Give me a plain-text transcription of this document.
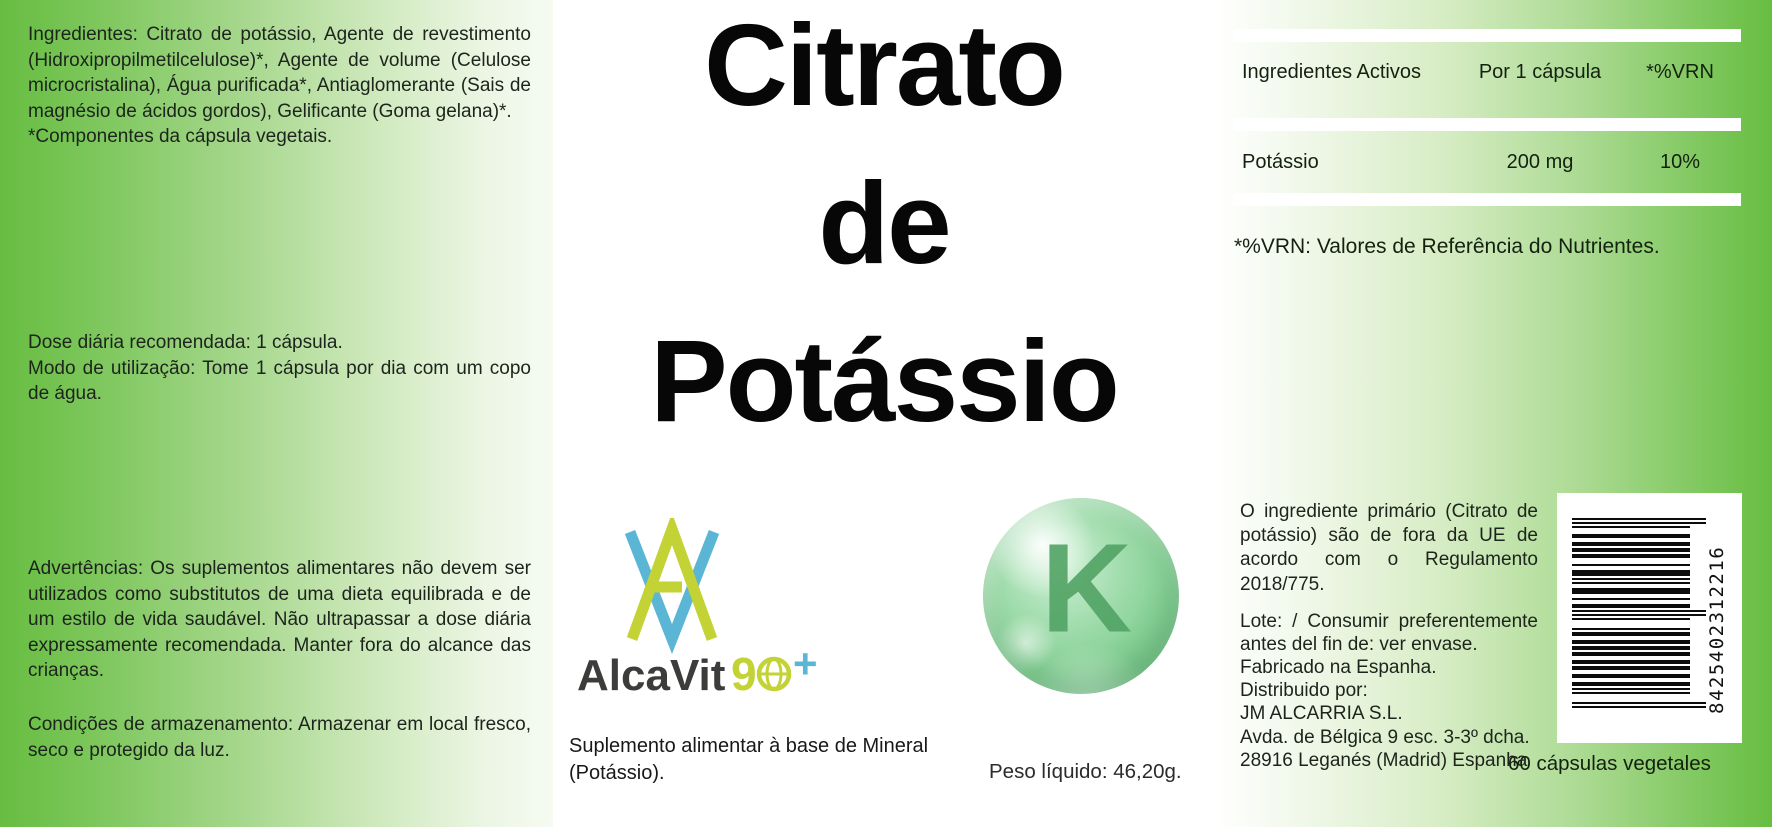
Ingredientes: Citrato de potássio, Agente de revestimento (Hidroxipropilmetilcelulose)*, Agente de volume (Celulose microcristalina), Água purificada*, Antiaglomerante (Sais de magnésio de ácidos gordos), Gelificante (Goma gelana)*.
*Componentes da cápsula vegetais.
Dose diária recomendada: 1 cápsula.
Modo de utilização: Tome 1 cápsula por dia com um copo de água.
Advertências: Os suplementos alimentares não devem ser utilizados como substitutos de uma dieta equilibrada e de um estilo de vida saudável. Não ultrapassar a dose diária expressamente recomendada. Manter fora do alcance das crianças.
Condições de armazenamento: Armazenar em local fresco, seco e protegido da luz.
Citrato
de
Potássio
AlcaVit 9 +
Suplemento alimentar à base de Mineral (Potássio).
K
Peso líquido: 46,20g.
Ingredientes Activos	Por 1 cápsula	*%VRN
Potássio	200 mg	10%
*%VRN: Valores de Referência do Nutrientes.
O ingrediente primário (Citrato de potássio) são de fora da UE de acordo com o Regulamento 2018/775.
Lote: / Consumir preferentemente antes del fin de: ver envase.
Fabricado na Espanha.
Distribuido por:
JM ALCARRIA S.L.
Avda. de Bélgica 9 esc. 3-3º dcha.
28916 Leganés (Madrid) Espanha
8425402312216
60 cápsulas vegetales
